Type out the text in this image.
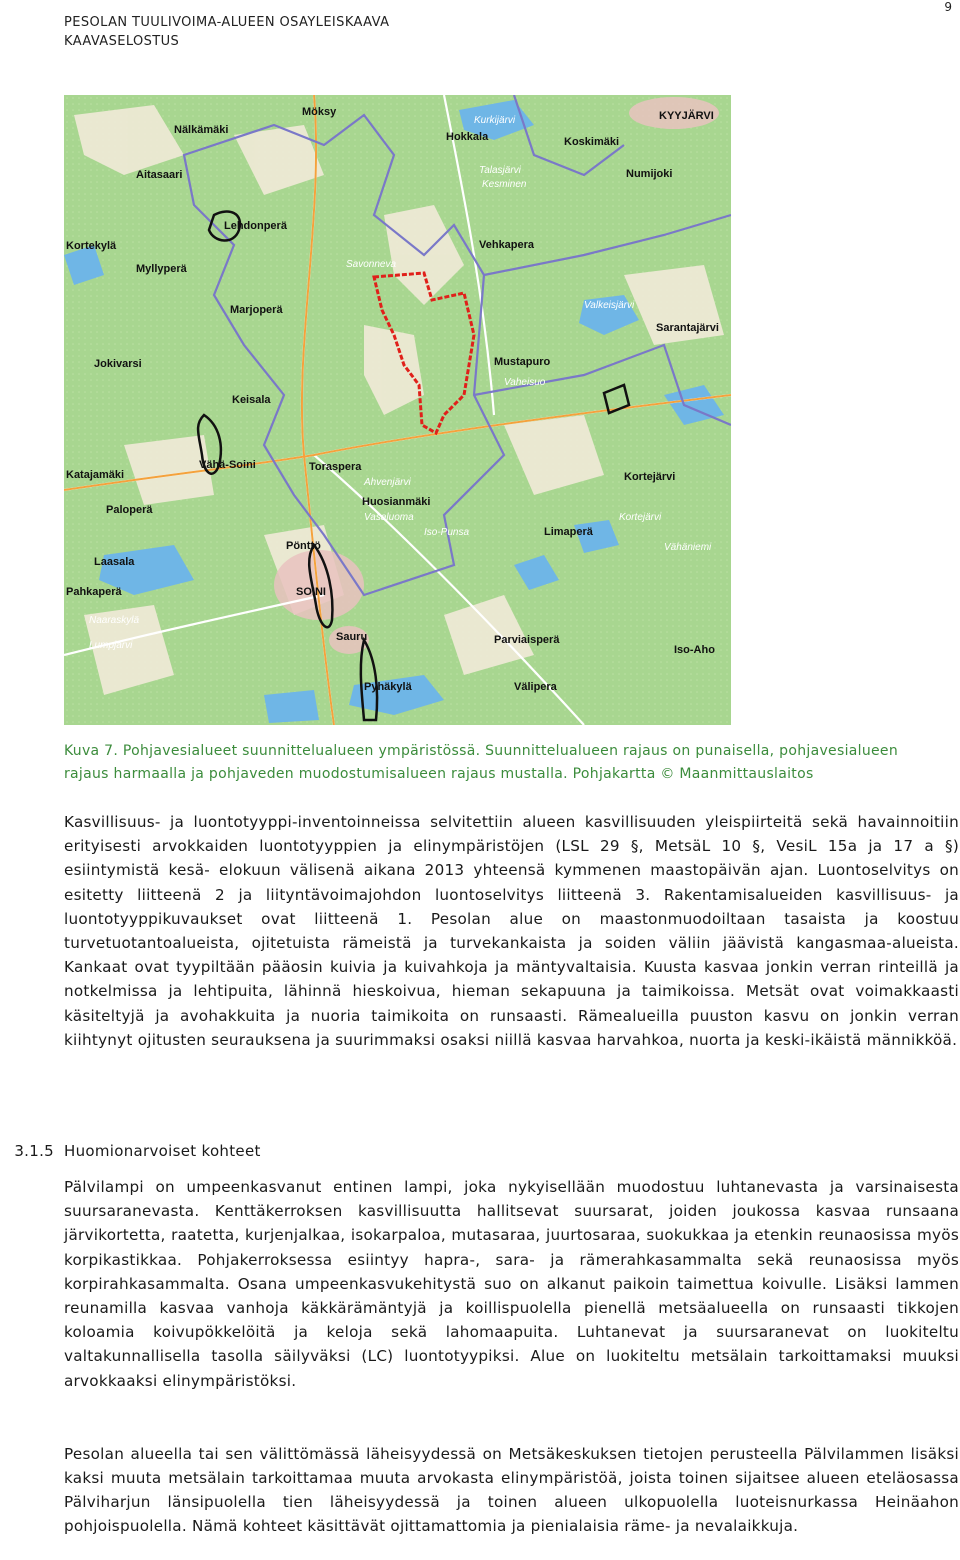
PESOLAN TUULIVOIMA-ALUEEN OSAYLEISKAAVA
KAAVASELOSTUS
9
Möksy	KYYJÄRVI
Nälkämäki
Hokkala	Koskimäki
Aitasaari	Numijoki
Lehdonperä
Kortekylä	Vehkapera
Myllyperä
Marjoperä
Sarantajärvi
Jokivarsi	Mustapuro
Keisala
Kortejärvi
Katajamäki
Vähä-Soini	Toraspera
Paloperä
Huosianmäki
Limaperä
Laasala
Pönttö
SOINI
Pahkaperä
Sauru	Parviaisperä
Pyhäkylä	Välipera
Iso-Aho
Kurkijärvi
Talasjärvi
Kesminen
Valkeisjärvi
Vaheisuo
Savonneva
Ahvenjärvi
Vasaluoma
Iso-Punsa
Kortejärvi
Vähäniemi
Naaraskylä
Lumpjärvi
Kuva 7. Pohjavesialueet suunnittelualueen ympäristössä. Suunnittelualueen rajaus on punaisella, pohjavesialueen rajaus harmaalla ja pohjaveden muodostumisalueen rajaus mustalla. Pohjakartta © Maanmittauslaitos
Kasvillisuus- ja luontotyyppi-inventoinneissa selvitettiin alueen kasvillisuuden yleispiirteitä sekä havainnoitiin erityisesti arvokkaiden luontotyyppien ja elinympäristöjen (LSL 29 §, MetsäL 10 §, VesiL 15a ja 17 a §) esiintymistä kesä- elokuun välisenä aikana 2013 yhteensä kymmenen maastopäivän ajan. Luontoselvitys on esitetty liitteenä 2 ja liityntävoimajohdon luontoselvitys liitteenä 3. Rakentamisalueiden kasvillisuus- ja luontotyyppikuvaukset ovat liitteenä 1. Pesolan alue on maastonmuodoiltaan tasaista ja koostuu turvetuotantoalueista, ojitetuista rämeistä ja turvekankaista ja soiden väliin jäävistä kangasmaa-alueista. Kankaat ovat tyypiltään pääosin kuivia ja kuivahkoja ja mäntyvaltaisia. Kuusta kasvaa jonkin verran rinteillä ja notkelmissa ja lehtipuita, lähinnä hieskoivua, hieman sekapuuna ja taimikoissa. Metsät ovat voimakkaasti käsiteltyjä ja avohakkuita ja nuoria taimikoita on runsaasti. Rämealueilla puuston kasvu on jonkin verran kiihtynyt ojitusten seurauksena ja suurimmaksi osaksi niillä kasvaa harvahkoa, nuorta ja keski-ikäistä männikköä.
3.1.5 Huomionarvoiset kohteet
Pälvilampi on umpeenkasvanut entinen lampi, joka nykyisellään muodostuu luhtanevasta ja varsinaisesta suursaranevasta. Kenttäkerroksen kasvillisuutta hallitsevat suursarat, joiden joukossa kasvaa runsaana järvikortetta, raatetta, kurjenjalkaa, isokarpaloa, mutasaraa, juurtosaraa, suokukkaa ja etenkin reunaosissa myös korpikastikkaa. Pohjakerroksessa esiintyy hapra-, sara- ja rämerahkasammalta sekä reunaosissa myös korpirahkasammalta. Osana umpeenkasvukehitystä suo on alkanut paikoin taimettua koivulle. Lisäksi lammen reunamilla kasvaa vanhoja käkkärämäntyjä ja koillispuolella pienellä metsäalueella on runsaasti tikkojen koloamia koivupökkelöitä ja keloja sekä lahomaapuita. Luhtanevat ja suursaranevat on luokiteltu valtakunnallisella tasolla säilyväksi (LC) luontotyypiksi. Alue on luokiteltu metsälain tarkoittamaksi muuksi arvokkaaksi elinympäristöksi.
Pesolan alueella tai sen välittömässä läheisyydessä on Metsäkeskuksen tietojen perusteella Pälvilammen lisäksi kaksi muuta metsälain tarkoittamaa muuta arvokasta elinympäristöä, joista toinen sijaitsee alueen eteläosassa Pälviharjun länsipuolella tien läheisyydessä ja toinen alueen ulkopuolella luoteisnurkassa Heinäahon pohjoispuolella. Nämä kohteet käsittävät ojittamattomia ja pienialaisia räme- ja nevalaikkuja.
